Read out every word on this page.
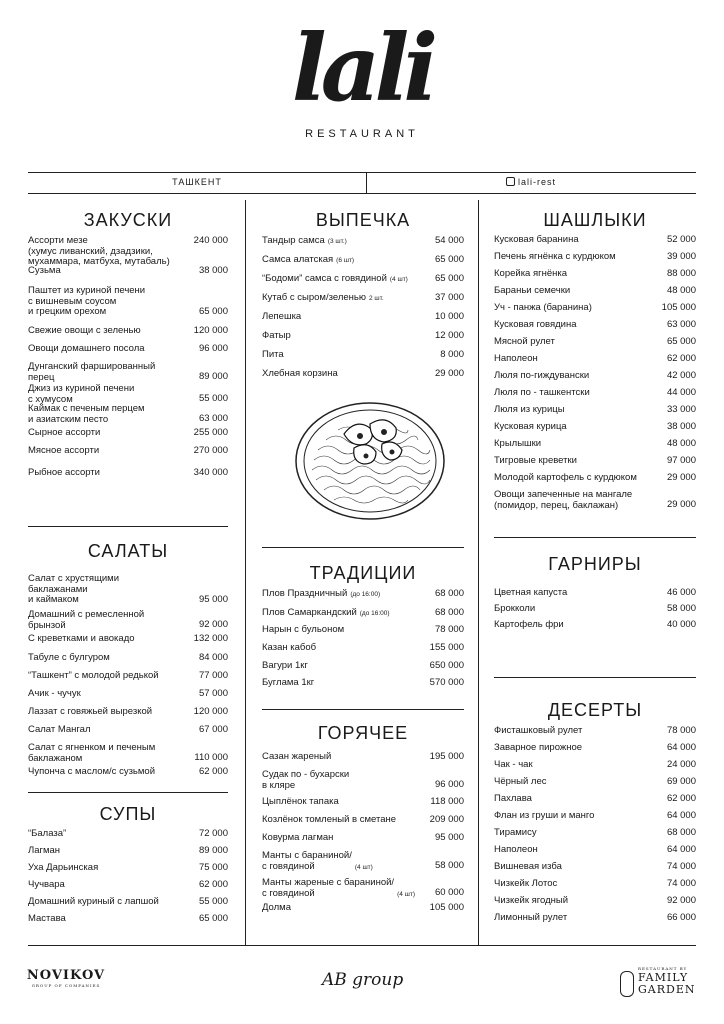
lali
RESTAURANT
ТАШКЕНТ	lali-rest
ЗАКУСКИ
Ассорти мезе
(хумус ливанский, дзадзики,
мухаммара, матбуха, мутабаль)
240 000
Сузьма	38 000
Паштет из куриной печени
с вишневым соусом
и грецким орехом	65 000
Свежие овощи с зеленью	120 000
Овощи домашнего посола	96 000
Дунганский фаршированный
перец	89 000
Джиз из куриной печени
с хумусом	55 000
Каймак с печеным перцем
и азиатским песто	63 000
Сырное ассорти	255 000
Мясное ассорти	270 000
Рыбное ассорти	340 000
САЛАТЫ
Салат с хрустящими
баклажанами
и каймаком	95 000
Домашний с ремесленной
брынзой	92 000
С креветками и авокадо	132 000
Табуле с булгуром	84 000
“Ташкент” с молодой редькой	77 000
Ачик - чучук	57 000
Лаззат с говяжьей вырезкой	120 000
Салат Мангал	67 000
Салат с ягненком и печеным
баклажаном	110 000
Чупонча с маслом/с сузьмой	62 000
СУПЫ
“Балаза”	72 000
Лагман	89 000
Уха Дарьинская	75 000
Чучвара	62 000
Домашний куриный с лапшой	55 000
Мастава	65 000
ВЫПЕЧКА
Тандыр самса (3 шт.)	54 000
Самса алатская (6 шт)	65 000
“Бодоми” самса с говядиной (4 шт)	65 000
Кутаб с сыром/зеленью 2 шт.	37 000
Лепешка	10 000
Фатыр	12 000
Пита	8 000
Хлебная корзина	29 000
ТРАДИЦИИ
Плов Праздничный (до 16:00)	68 000
Плов Самаркандский (до 16:00)	68 000
Нарын с бульоном	78 000
Казан кабоб	155 000
Вагури 1кг	650 000
Буглама 1кг	570 000
ГОРЯЧЕЕ
Сазан жареный	195 000
Судак по - бухарски
в кляре	96 000
Цыплёнок тапака	118 000
Козлёнок томленый в сметане	209 000
Ковурма лагман	95 000
Манты с бараниной/
с говядиной	(4 шт)	58 000
Манты жареные с бараниной/
с говядиной	(4 шт) 60 000
Долма	105 000
ШАШЛЫКИ
Кусковая баранина	52 000
Печень ягнёнка с курдюком	39 000
Корейка ягнёнка	88 000
Бараньи семечки	48 000
Уч - панжа (баранина)	105 000
Кусковая говядина	63 000
Мясной рулет	65 000
Наполеон	62 000
Люля по-гиждувански	42 000
Люля по - ташкентски	44 000
Люля из курицы	33 000
Кусковая курица	38 000
Крылышки	48 000
Тигровые креветки	97 000
Молодой картофель с курдюком	29 000
Овощи запеченные на мангале
(помидор, перец, баклажан)	29 000
ГАРНИРЫ
Цветная капуста	46 000
Брокколи	58 000
Картофель фри	40 000
ДЕСЕРТЫ
Фисташковый рулет	78 000
Заварное пирожное	64 000
Чак - чак	24 000
Чёрный лес	69 000
Пахлава	62 000
Флан из груши и манго	64 000
Тирамису	68 000
Наполеон	64 000
Вишневая изба	74 000
Чизкейк Лотос	74 000
Чизкейк ягодный	92 000
Лимонный рулет	66 000
NOVIKOV
GROUP OF COMPANIES	AB group
RESTAURANT BY
FAMILY
GARDEN
